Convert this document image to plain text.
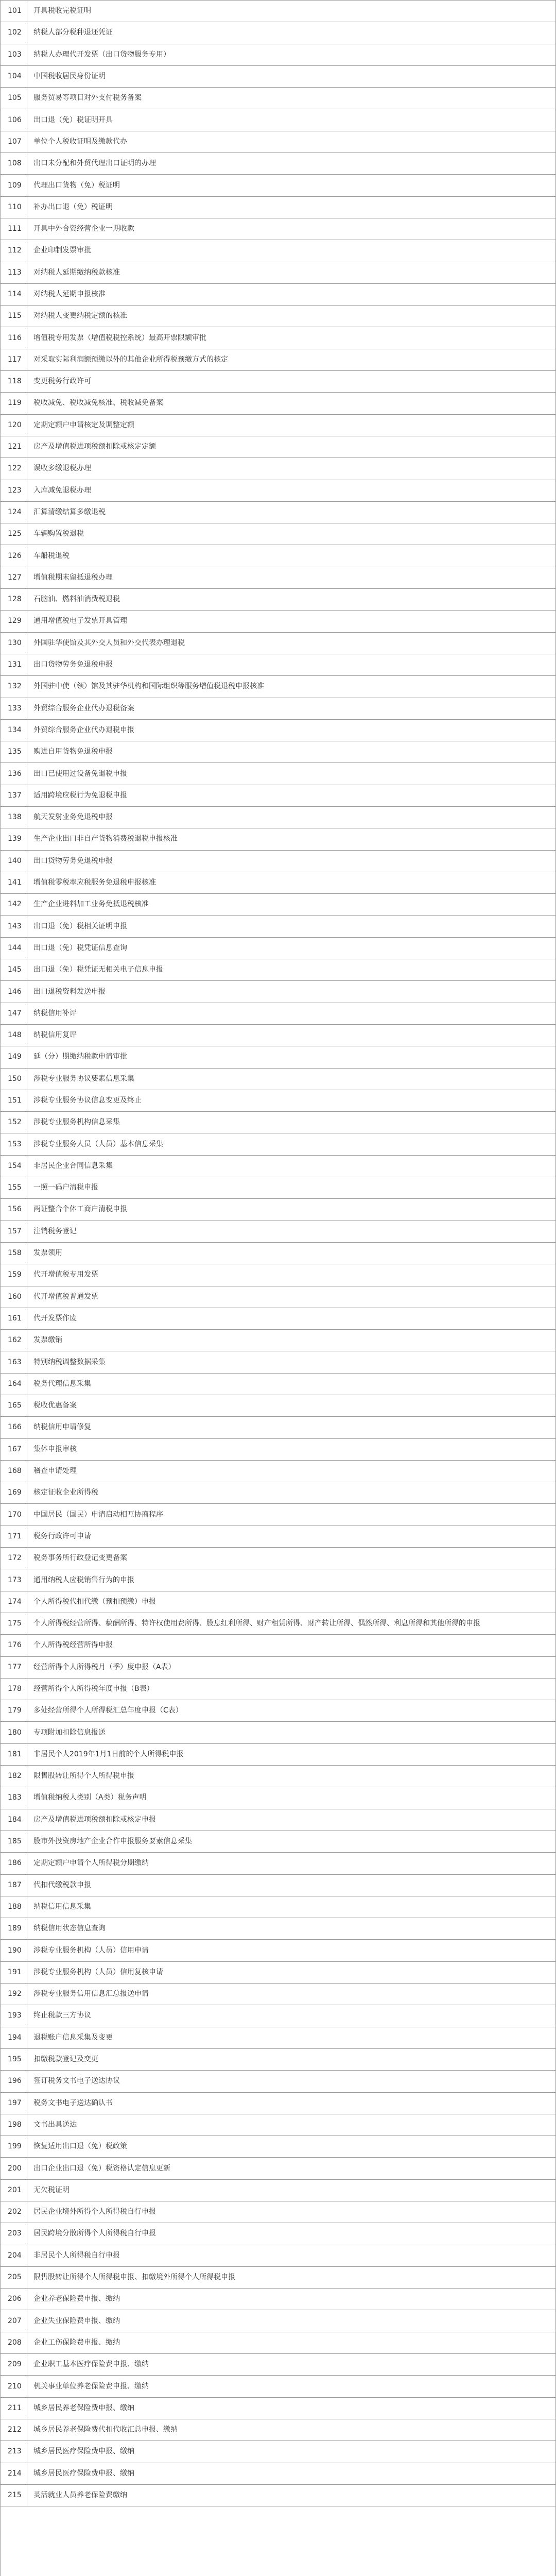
101	开具税收完税证明
102	纳税人部分税种退还凭证
103	纳税人办理代开发票（出口货物服务专用）
104	中国税收居民身份证明
105	服务贸易等项目对外支付税务备案
106	出口退（免）税证明开具
107	单位个人税收证明及缴款代办
108	出口未分配和外贸代理出口证明的办理
109	代理出口货物（免）税证明
110	补办出口退（免）税证明
111	开具中外合资经营企业一期收款
112	企业印制发票审批
113	对纳税人延期缴纳税款核准
114	对纳税人延期申报核准
115	对纳税人变更纳税定额的核准
116	增值税专用发票（增值税税控系统）最高开票限额审批
117	对采取实际利润额预缴以外的其他企业所得税预缴方式的核定
118	变更税务行政许可
119	税收减免、税收减免核准、税收减免备案
120	定期定额户申请核定及调整定额
121	房产及增值税进项税额扣除或核定定额
122	误收多缴退税办理
123	入库减免退税办理
124	汇算清缴结算多缴退税
125	车辆购置税退税
126	车船税退税
127	增值税期末留抵退税办理
128	石脑油、燃料油消费税退税
129	通用增值税电子发票开具管理
130	外国驻华使馆及其外交人员和外交代表办理退税
131	出口货物劳务免退税申报
132	外国驻中使（领）馆及其驻华机构和国际组织等服务增值税退税申报核准
133	外贸综合服务企业代办退税备案
134	外贸综合服务企业代办退税申报
135	购进自用货物免退税申报
136	出口已使用过设备免退税申报
137	适用跨境应税行为免退税申报
138	航天发射业务免退税申报
139	生产企业出口非自产货物消费税退税申报核准
140	出口货物劳务免退税申报
141	增值税零税率应税服务免退税申报核准
142	生产企业进料加工业务免抵退税核准
143	出口退（免）税相关证明申报
144	出口退（免）税凭证信息查询
145	出口退（免）税凭证无相关电子信息申报
146	出口退税资料发送申报
147	纳税信用补评
148	纳税信用复评
149	延（分）期缴纳税款申请审批
150	涉税专业服务协议要素信息采集
151	涉税专业服务协议信息变更及终止
152	涉税专业服务机构信息采集
153	涉税专业服务人员（人员）基本信息采集
154	非居民企业合同信息采集
155	一照一码户清税申报
156	两证整合个体工商户清税申报
157	注销税务登记
158	发票领用
159	代开增值税专用发票
160	代开增值税普通发票
161	代开发票作废
162	发票缴销
163	特别纳税调整数据采集
164	税务代理信息采集
165	税收优惠备案
166	纳税信用申请修复
167	集体申报审核
168	稽查申请处理
169	核定征收企业所得税
170	中国居民（国民）申请启动相互协商程序
171	税务行政许可申请
172	税务事务所行政登记变更备案
173	通用纳税人应税销售行为的申报
174	个人所得税代扣代缴（预扣预缴）申报
175	个人所得税经营所得、稿酬所得、特许权使用费所得、股息红利所得、财产租赁所得、财产转让所得、偶然所得、利息所得和其他所得的申报
176	个人所得税经营所得申报
177	经营所得个人所得税月（季）度申报（A表）
178	经营所得个人所得税年度申报（B表）
179	多处经营所得个人所得税汇总年度申报（C表）
180	专项附加扣除信息报送
181	非居民个人2019年1月1日前的个人所得税申报
182	限售股转让所得个人所得税申报
183	增值税纳税人类别（A类）税务声明
184	房产及增值税进项税额扣除或核定申报
185	股市外投资房地产企业合作申报服务要素信息采集
186	定期定额户申请个人所得税分期缴纳
187	代扣代缴税款申报
188	纳税信用信息采集
189	纳税信用状态信息查询
190	涉税专业服务机构（人员）信用申请
191	涉税专业服务机构（人员）信用复核申请
192	涉税专业服务信用信息汇总报送申请
193	终止税款三方协议
194	退税账户信息采集及变更
195	扣缴税款登记及变更
196	签订税务文书电子送达协议
197	税务文书电子送达确认书
198	文书出具送达
199	恢复适用出口退（免）税政策
200	出口企业出口退（免）税资格认定信息更新
201	无欠税证明
202	居民企业境外所得个人所得税自行申报
203	居民跨境分散所得个人所得税自行申报
204	非居民个人所得税自行申报
205	限售股转让所得个人所得税申报、扣缴境外所得个人所得税申报
206	企业养老保险费申报、缴纳
207	企业失业保险费申报、缴纳
208	企业工伤保险费申报、缴纳
209	企业职工基本医疗保险费申报、缴纳
210	机关事业单位养老保险费申报、缴纳
211	城乡居民养老保险费申报、缴纳
212	城乡居民养老保险费代扣代收汇总申报、缴纳
213	城乡居民医疗保险费申报、缴纳
214	城乡居民医疗保险费申报、缴纳
215	灵活就业人员养老保险费缴纳
